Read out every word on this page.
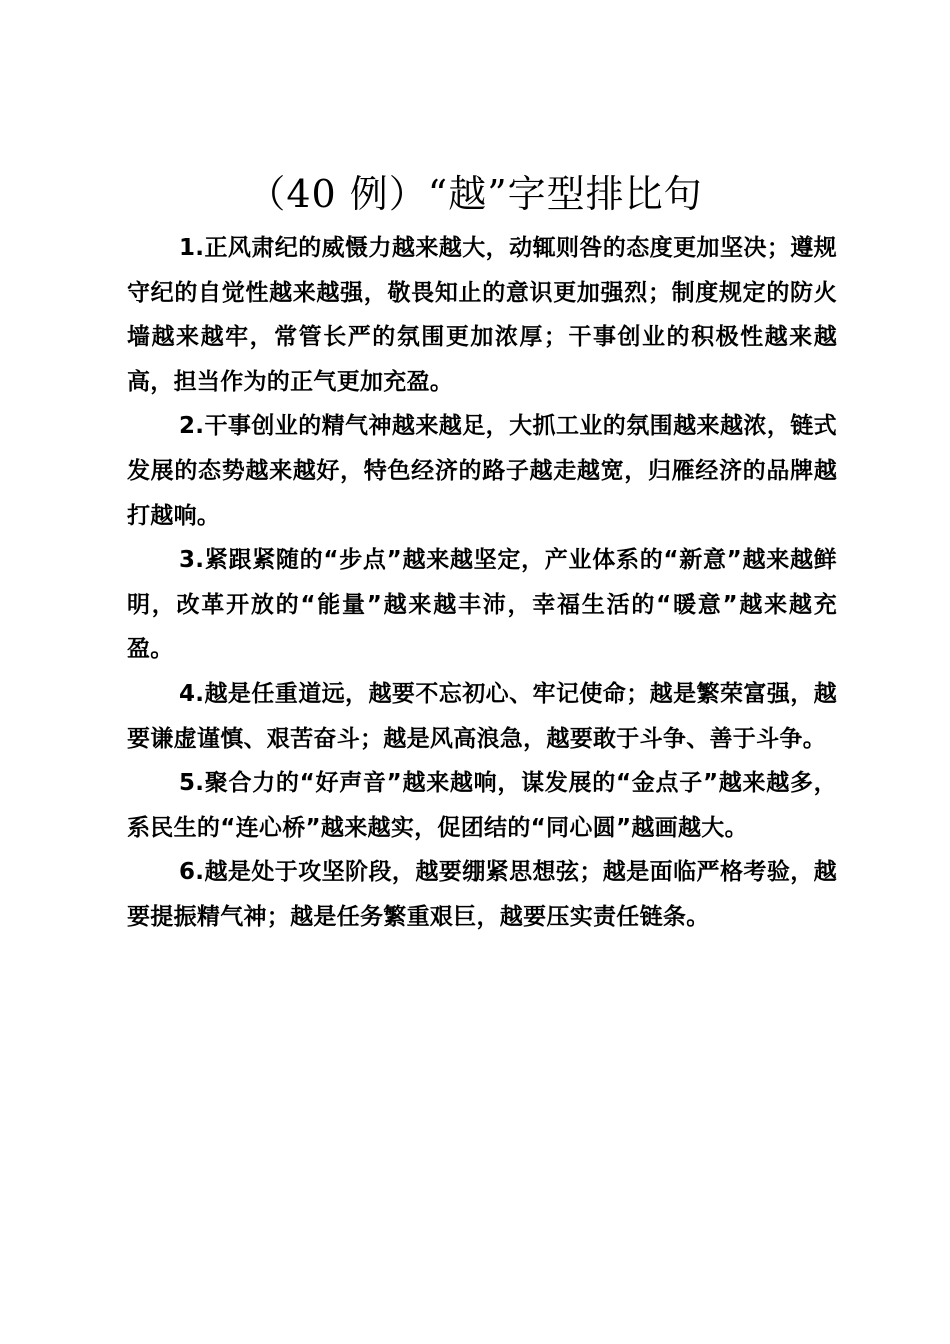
（40 例）“越”字型排比句

1.正风肃纪的威慑力越来越大，动辄则咎的态度更加坚决；遵规守纪的自觉性越来越强，敬畏知止的意识更加强烈；制度规定的防火墙越来越牢，常管长严的氛围更加浓厚；干事创业的积极性越来越高，担当作为的正气更加充盈。

2.干事创业的精气神越来越足，大抓工业的氛围越来越浓，链式发展的态势越来越好，特色经济的路子越走越宽，归雁经济的品牌越打越响。

3.紧跟紧随的“步点”越来越坚定，产业体系的“新意”越来越鲜明，改革开放的“能量”越来越丰沛，幸福生活的“暖意”越来越充盈。

4.越是任重道远，越要不忘初心、牢记使命；越是繁荣富强，越要谦虚谨慎、艰苦奋斗；越是风高浪急，越要敢于斗争、善于斗争。

5.聚合力的“好声音”越来越响，谋发展的“金点子”越来越多，系民生的“连心桥”越来越实，促团结的“同心圆”越画越大。

6.越是处于攻坚阶段，越要绷紧思想弦；越是面临严格考验，越要提振精气神；越是任务繁重艰巨，越要压实责任链条。
